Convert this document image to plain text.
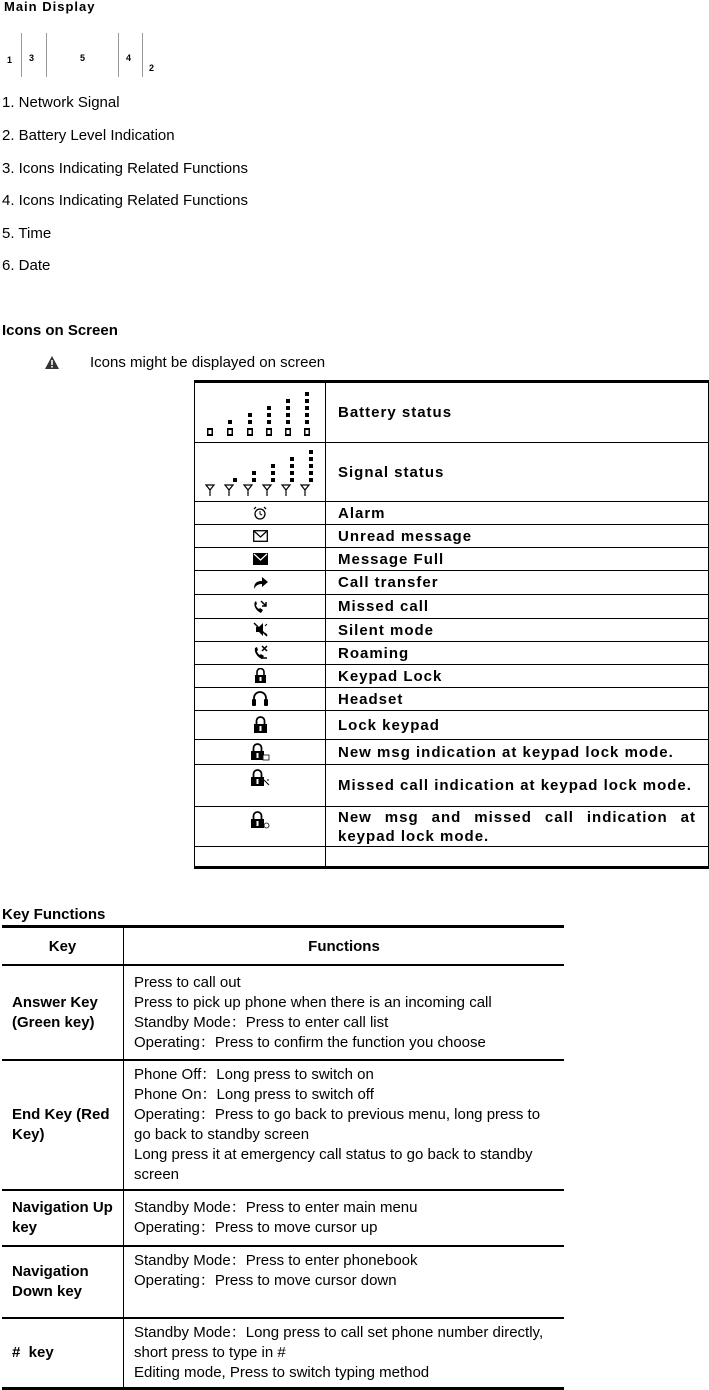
Main Display
1 3	5	4
2
1. Network Signal
2. Battery Level Indication
3. Icons Indicating Related Functions
4. Icons Indicating Related Functions
5. Time
6. Date
Icons on Screen
Icons might be displayed on screen
	Battery status
	Signal status
	Alarm
	Unread message
	Message Full
	Call transfer
	Missed call
	Silent mode
	Roaming
	Keypad Lock
	Headset
	Lock keypad
	New msg indication at keypad lock mode.
	Missed call indication at keypad lock mode.
	New msg and missed call indication at keypad lock mode.

Key Functions
Key	Functions
Answer Key (Green key)	Press to call out
Press to pick up phone when there is an incoming call
Standby Mode：Press to enter call list
Operating：Press to confirm the function you choose

End Key (Red Key)	Phone Off：Long press to switch on
Phone On：Long press to switch off
Operating：Press to go back to previous menu, long press to go back to standby screen
Long press it at emergency call status to go back to standby screen

Navigation Up key	Standby Mode：Press to enter main menu
Operating：Press to move cursor up

Navigation Down key	Standby Mode：Press to enter phonebook
Operating：Press to move cursor down

#  key	Standby Mode：Long press to call set phone number directly, short press to type in #
Editing mode, Press to switch typing method
